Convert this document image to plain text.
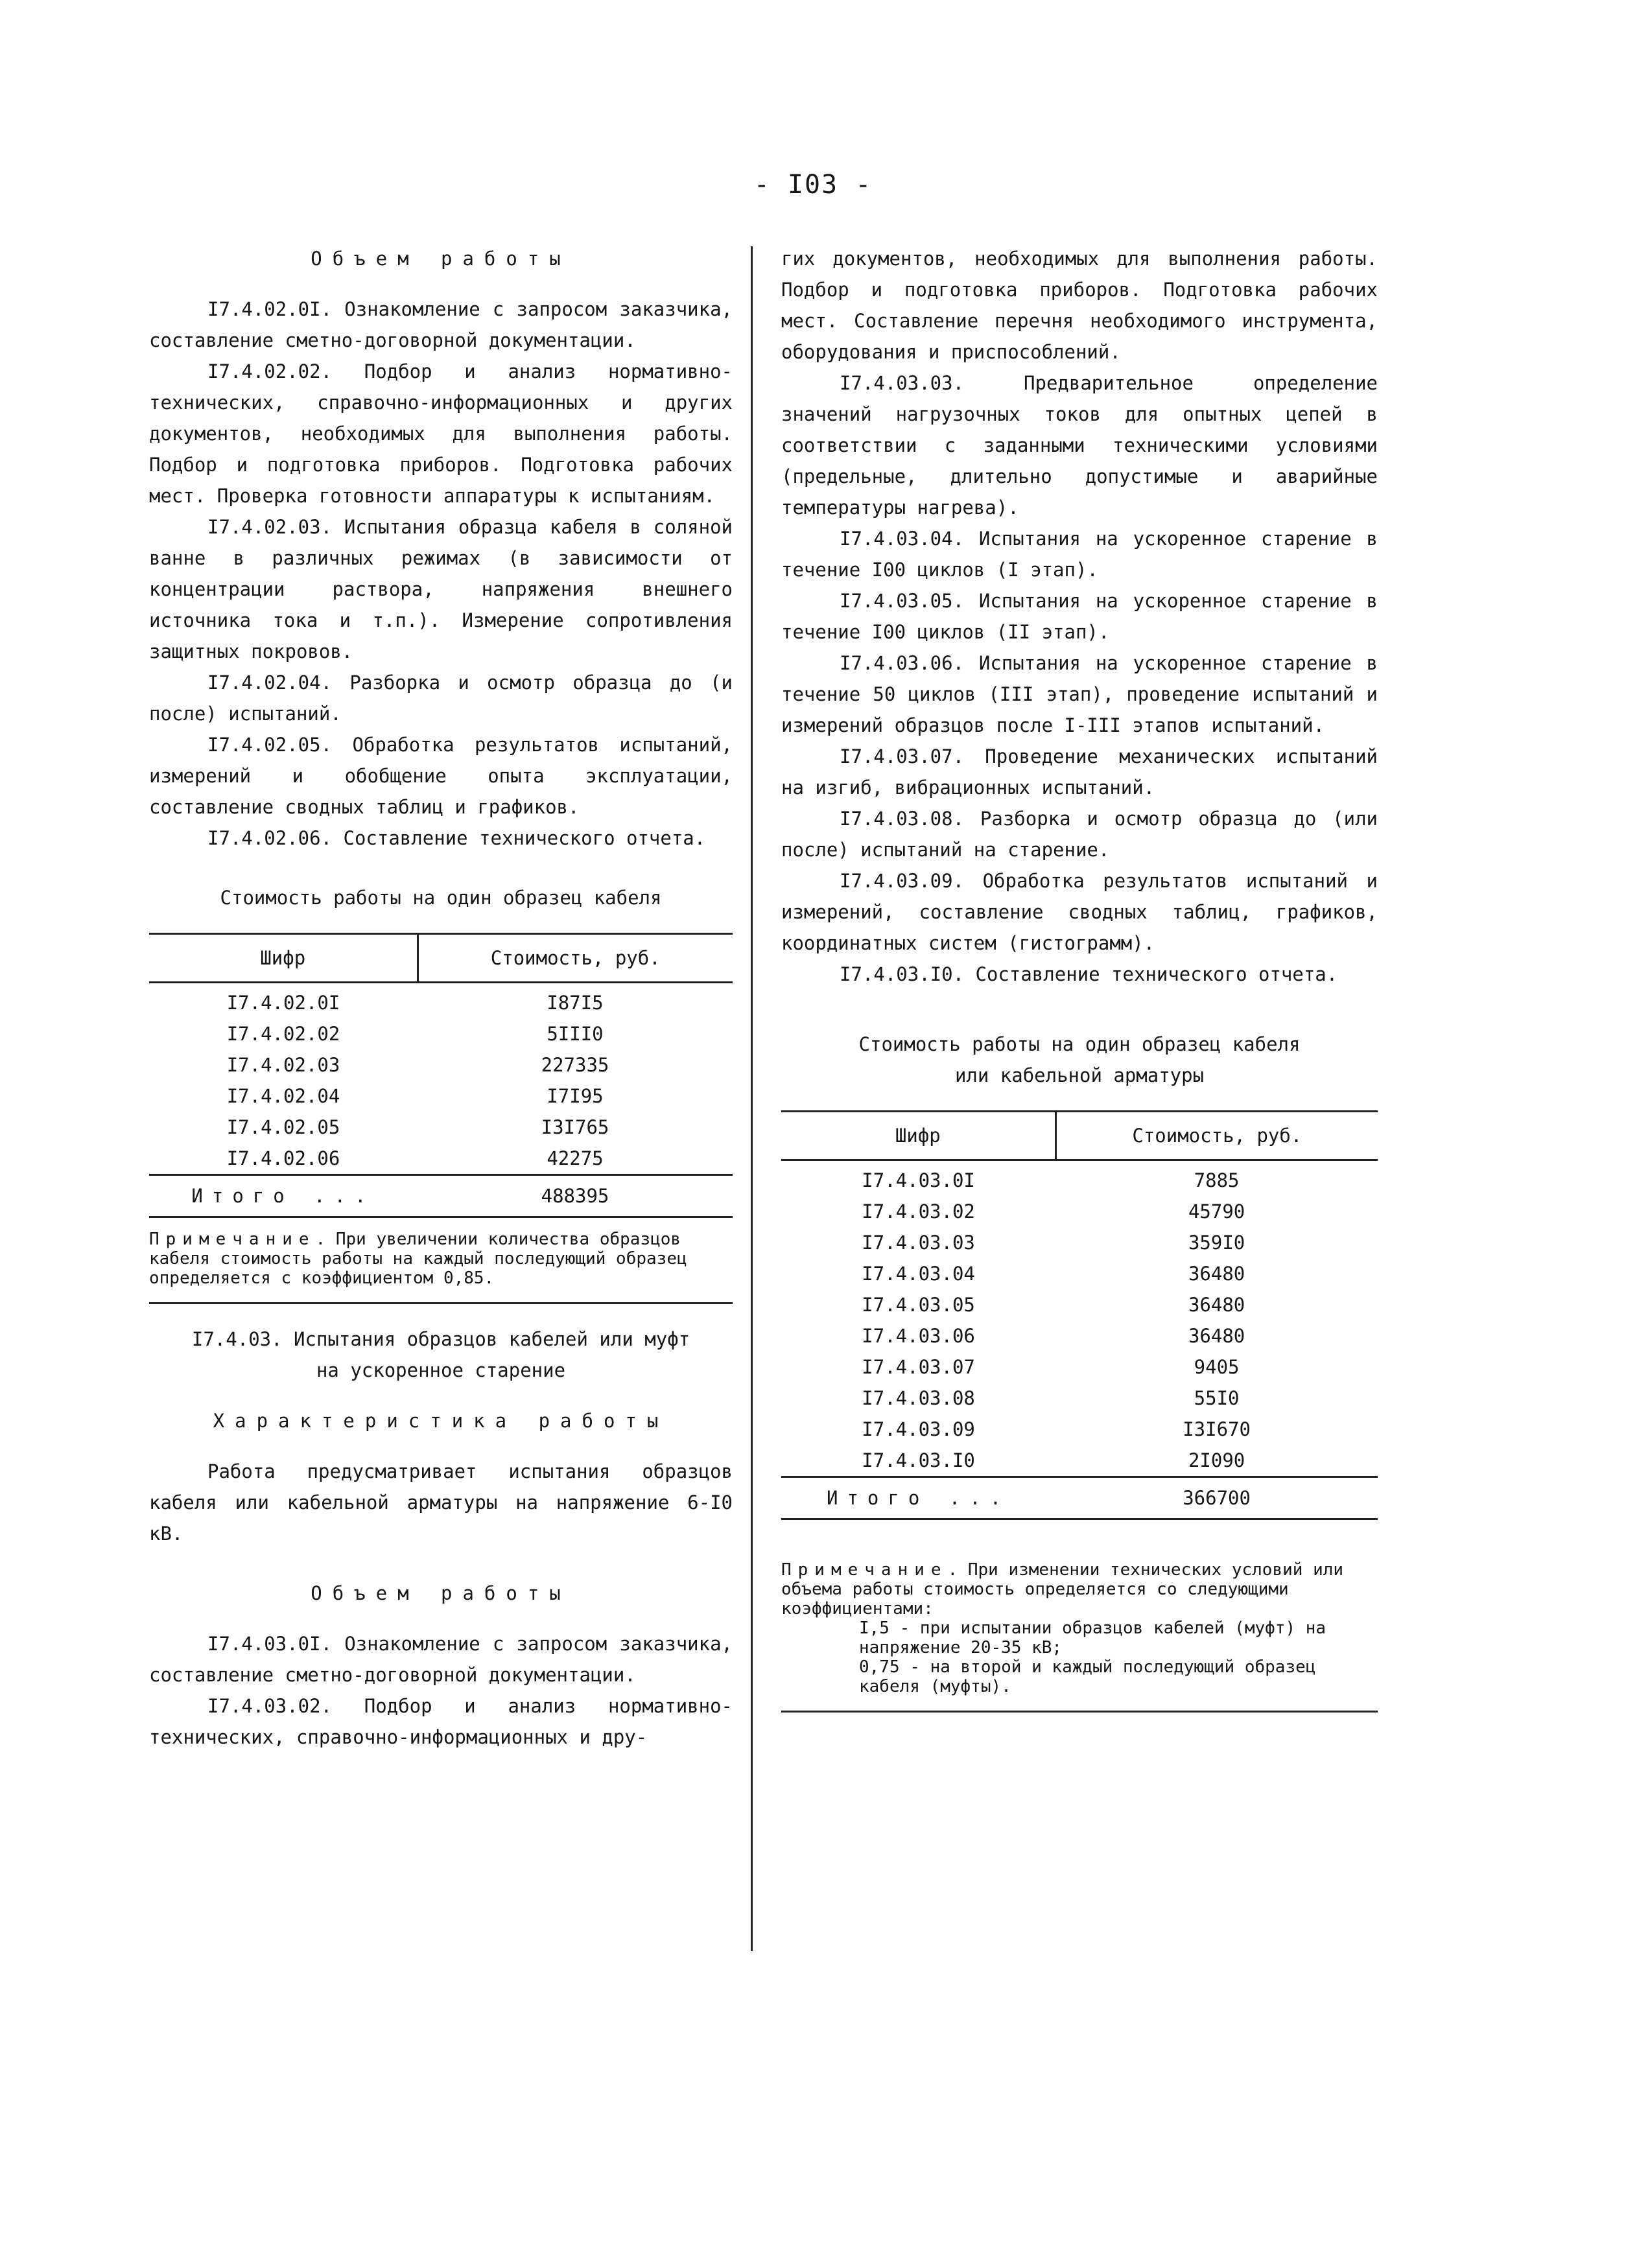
- I03 -
Объем работы

I7.4.02.0I. Ознакомление с запросом заказчика, составление сметно-договорной документации.

I7.4.02.02. Подбор и анализ нормативно-технических, справочно-информационных и других документов, необходимых для выполнения работы. Подбор и подготовка приборов. Подготовка рабочих мест. Проверка готовности аппаратуры к испытаниям.

I7.4.02.03. Испытания образца кабеля в соляной ванне в различных режимах (в зависимости от концентрации раствора, напряжения внешнего источника тока и т.п.). Измерение сопротивления защитных покровов.

I7.4.02.04. Разборка и осмотр образца до (и после) испытаний.

I7.4.02.05. Обработка результатов испытаний, измерений и обобщение опыта эксплуатации, составление сводных таблиц и графиков.

I7.4.02.06. Составление технического отчета.

Стоимость работы на один образец кабеля
Шифр	Стоимость, руб.
I7.4.02.0I	I87I5
I7.4.02.02	5III0
I7.4.02.03	227335
I7.4.02.04	I7I95
I7.4.02.05	I3I765
I7.4.02.06	42275
Итого ...	488395
Примечание. При увеличении количества образцов кабеля стоимость работы на каждый последующий образец определяется с коэффициентом 0,85.
I7.4.03. Испытания образцов кабелей или муфт
на ускоренное старение
Характеристика работы

Работа предусматривает испытания образцов кабеля или кабельной арматуры на напряжение 6-I0 кВ.

Объем работы

I7.4.03.0I. Ознакомление с запросом заказчика, составление сметно-договорной документации.

I7.4.03.02. Подбор и анализ нормативно-технических, справочно-информационных и дру-

гих документов, необходимых для выполнения работы. Подбор и подготовка приборов. Подготовка рабочих мест. Составление перечня необходимого инструмента, оборудования и приспособлений.

I7.4.03.03. Предварительное определение значений нагрузочных токов для опытных цепей в соответствии с заданными техническими условиями (предельные, длительно допустимые и аварийные температуры нагрева).

I7.4.03.04. Испытания на ускоренное старение в течение I00 циклов (I этап).

I7.4.03.05. Испытания на ускоренное старение в течение I00 циклов (II этап).

I7.4.03.06. Испытания на ускоренное старение в течение 50 циклов (III этап), проведение испытаний и измерений образцов после I-III этапов испытаний.

I7.4.03.07. Проведение механических испытаний на изгиб, вибрационных испытаний.

I7.4.03.08. Разборка и осмотр образца до (или после) испытаний на старение.

I7.4.03.09. Обработка результатов испытаний и измерений, составление сводных таблиц, графиков, координатных систем (гистограмм).

I7.4.03.I0. Составление технического отчета.

Стоимость работы на один образец кабеля
или кабельной арматуры
Шифр	Стоимость, руб.
I7.4.03.0I	7885
I7.4.03.02	45790
I7.4.03.03	359I0
I7.4.03.04	36480
I7.4.03.05	36480
I7.4.03.06	36480
I7.4.03.07	9405
I7.4.03.08	55I0
I7.4.03.09	I3I670
I7.4.03.I0	2I090
Итого ...	366700
Примечание. При изменении технических условий или объема работы стоимость определяется со следующими коэффициентами:
I,5 - при испытании образцов кабелей (муфт) на напряжение 20-35 кВ;
0,75 - на второй и каждый последующий образец кабеля (муфты).
